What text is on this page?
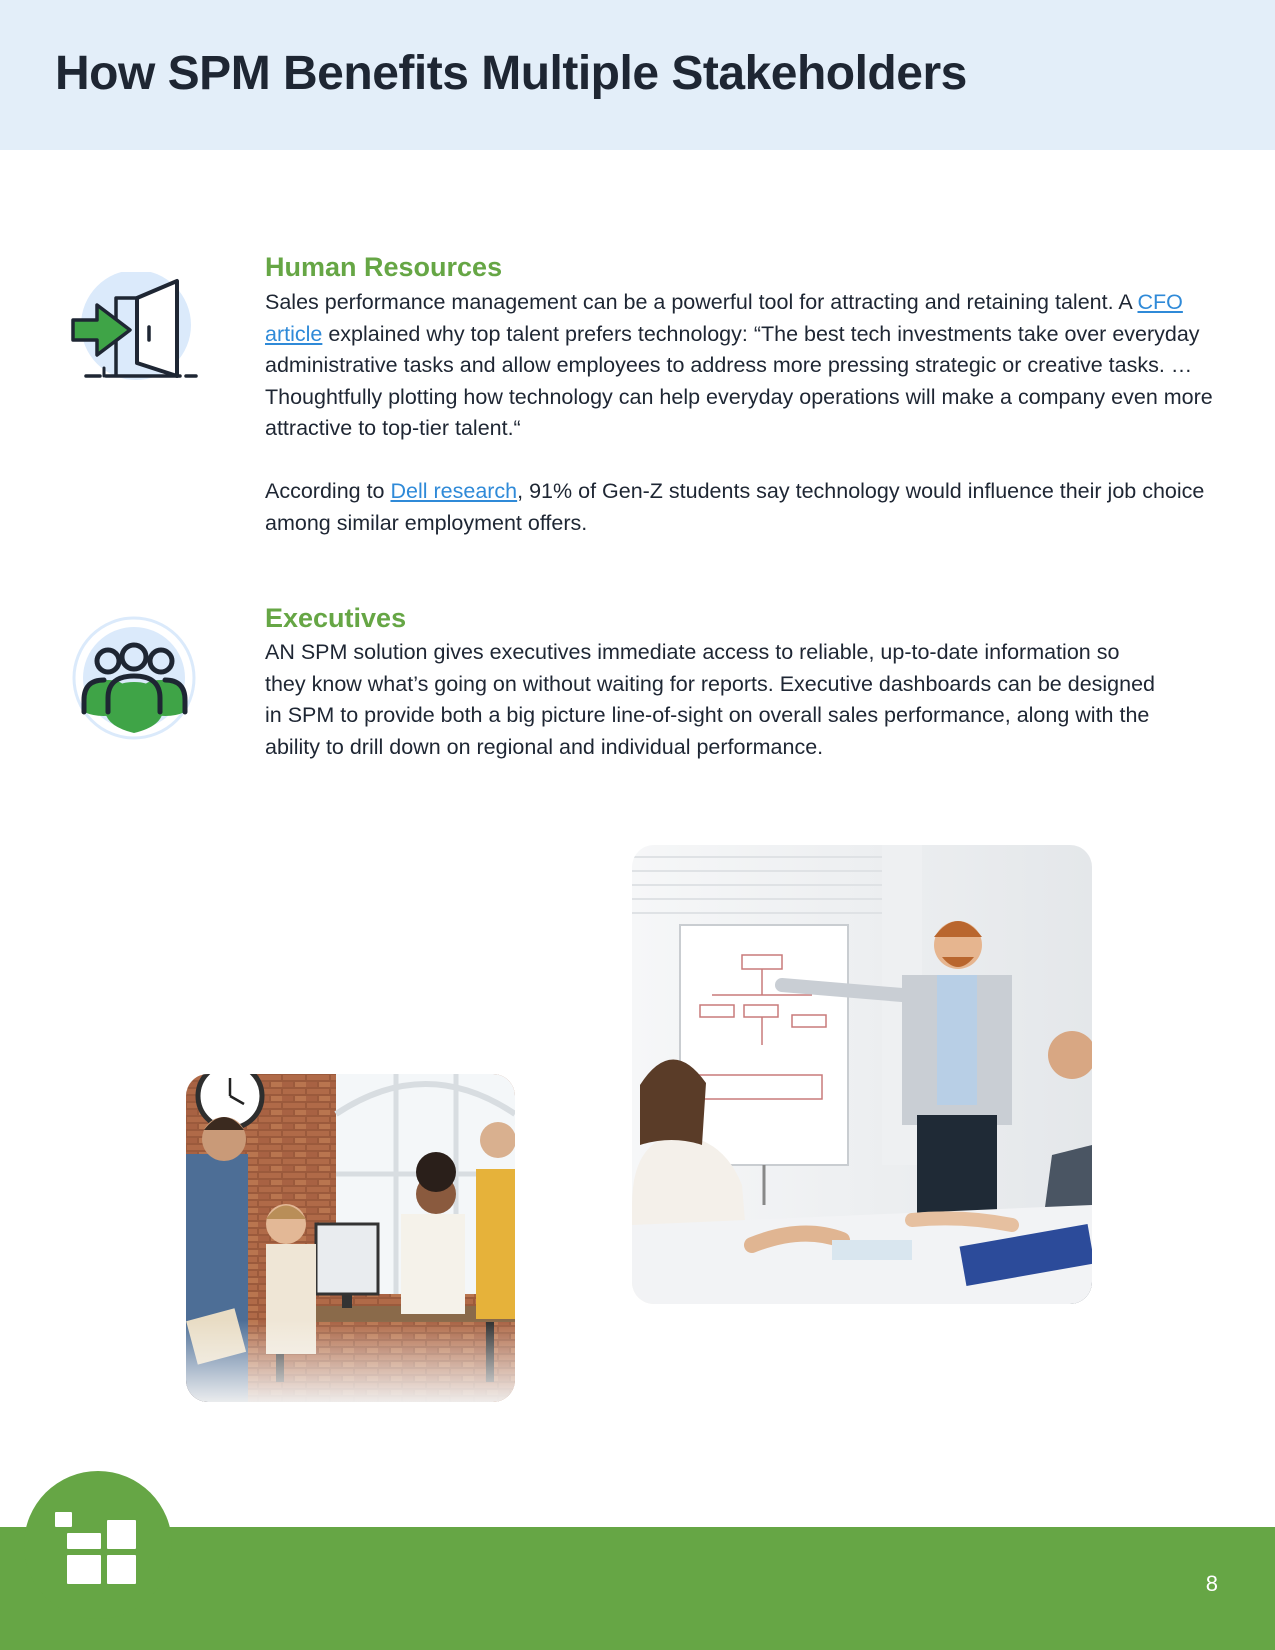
How SPM Benefits Multiple Stakeholders
Human Resources

Sales performance management can be a powerful tool for attracting and retaining talent. A CFO article explained why top talent prefers technology: “The best tech investments take over everyday administrative tasks and allow employees to address more pressing strategic or creative tasks. … Thoughtfully plotting how technology can help everyday operations will make a company even more attractive to top-tier talent.“

According to Dell research, 91% of Gen-Z students say technology would influence their job choice among similar employment offers.

Executives

AN SPM solution gives executives immediate access to reliable, up-to-date information so they know what’s going on without waiting for reports. Executive dashboards can be designed in SPM to provide both a big picture line-of-sight on overall sales performance, along with the ability to drill down on regional and individual performance.

8
